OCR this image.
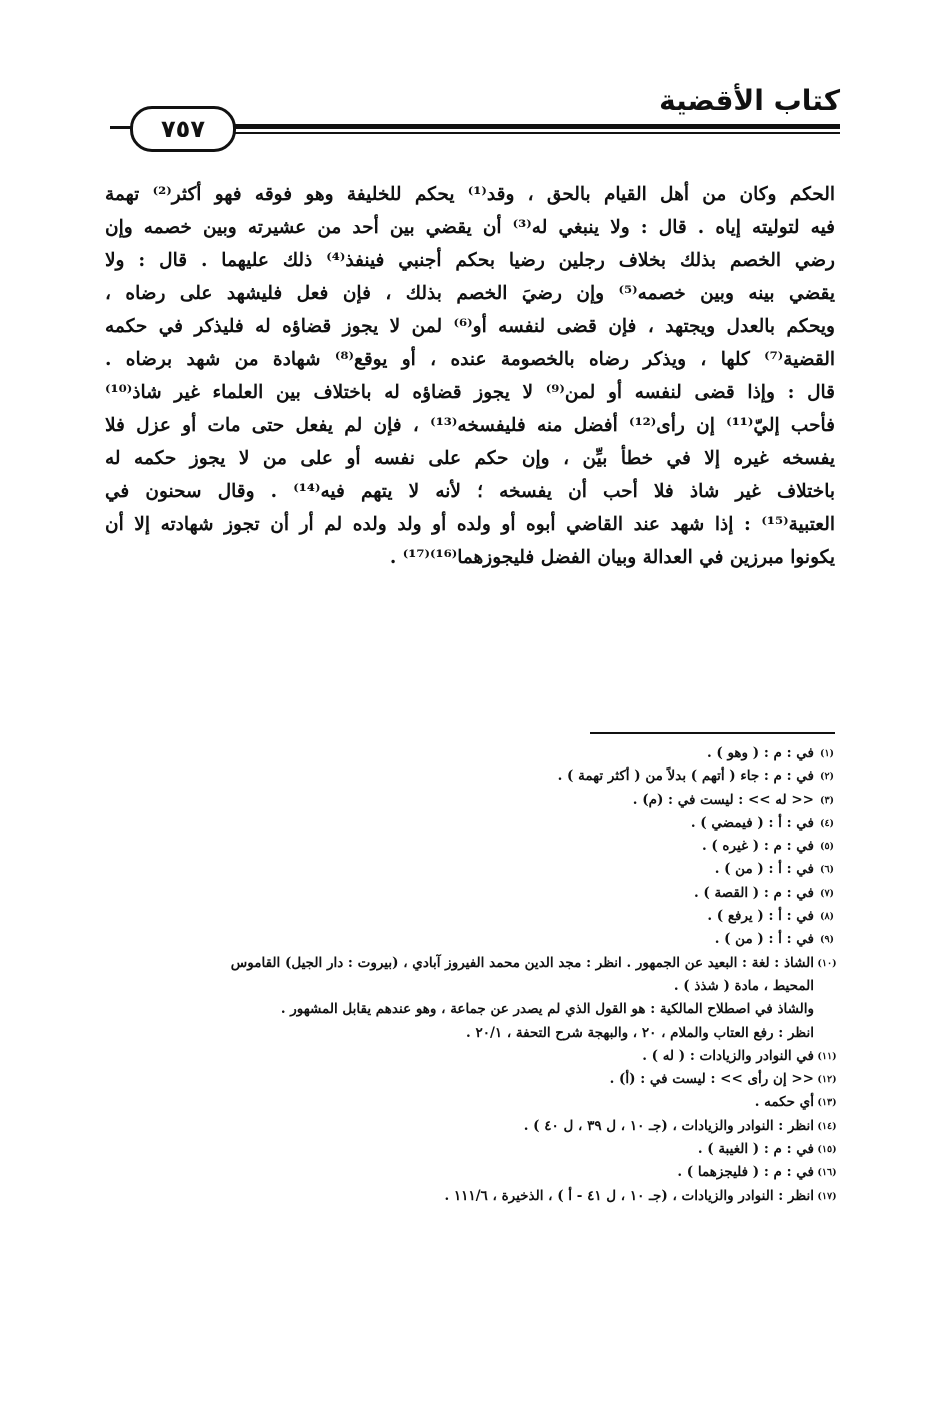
كتاب الأقضية
٧٥٧
الحكم وكان من أهل القيام بالحق ، وقد⁽¹⁾ يحكم للخليفة وهو فوقه فهو أكثر⁽²⁾ تهمة
فيه لتوليته إياه . قال : ولا ينبغي له⁽³⁾ أن يقضي بين أحد من عشيرته وبين خصمه وإن
رضي الخصم بذلك بخلاف رجلين رضيا بحكم أجنبي فينفذ⁽⁴⁾ ذلك عليهما . قال : ولا
يقضي بينه وبين خصمه⁽⁵⁾ وإن رضيَ الخصم بذلك ، فإن فعل فليشهد على رضاه ،
ويحكم بالعدل ويجتهد ، فإن قضى لنفسه أو⁽⁶⁾ لمن لا يجوز قضاؤه له فليذكر في حكمه
القضية⁽⁷⁾ كلها ، ويذكر رضاه بالخصومة عنده ، أو يوقع⁽⁸⁾ شهادة من شهد برضاه .
قال : وإذا قضى لنفسه أو لمن⁽⁹⁾ لا يجوز قضاؤه له باختلاف بين العلماء غير شاذ⁽¹⁰⁾
فأحب إليّ⁽¹¹⁾ إن رأى⁽¹²⁾ أفضل منه فليفسخه⁽¹³⁾ ، فإن لم يفعل حتى مات أو عزل فلا
يفسخه غيره إلا في خطأ بيِّن ، وإن حكم على نفسه أو على من لا يجوز حكمه له
باختلاف غير شاذ فلا أحب أن يفسخه ؛ لأنه لا يتهم فيه⁽¹⁴⁾ . وقال سحنون في
العتبية⁽¹⁵⁾ : إذا شهد عند القاضي أبوه أو ولده أو ولد ولده لم أر أن تجوز شهادته إلا أن
يكونوا مبرزين في العدالة وبيان الفضل فليجوزهما⁽¹⁶⁾⁽¹⁷⁾ .
(١)
في : م : ( وهو ) .
(٢)
في : م : جاء ( أتهم ) بدلاً من ( أكثر تهمة ) .
(٣)
<< له >> : ليست في : (م) .
(٤)
في : أ : ( فيمضي ) .
(٥)
في : م : ( غيره ) .
(٦)
في : أ : ( من ) .
(٧)
في : م : ( القصة ) .
(٨)
في : أ : ( يرفع ) .
(٩)
في : أ : ( من ) .
(١٠)
الشاذ : لغة : البعيد عن الجمهور . انظر : مجد الدين محمد الفيروز آبادي ، (بيروت : دار الجيل) القاموس
المحيط ، مادة ( شذذ ) .
والشاذ في اصطلاح المالكية : هو القول الذي لم يصدر عن جماعة ، وهو عندهم يقابل المشهور .
انظر : رفع العتاب والملام ، ٢٠ ، والبهجة شرح التحفة ، ٢٠/١ .
(١١)
في النوادر والزيادات : ( له ) .
(١٢)
<< إن رأى >> : ليست في : (أ) .
(١٣)
أي حكمه .
(١٤)
انظر : النوادر والزيادات ، (جـ ١٠ ، ل ٣٩ ، ل ٤٠ ) .
(١٥)
في : م : ( الغيبة ) .
(١٦)
في : م : ( فليجزهما ) .
(١٧)
انظر : النوادر والزيادات ، (جـ ١٠ ، ل ٤١ - أ ) ، الذخيرة ، ١١١/٦ .
